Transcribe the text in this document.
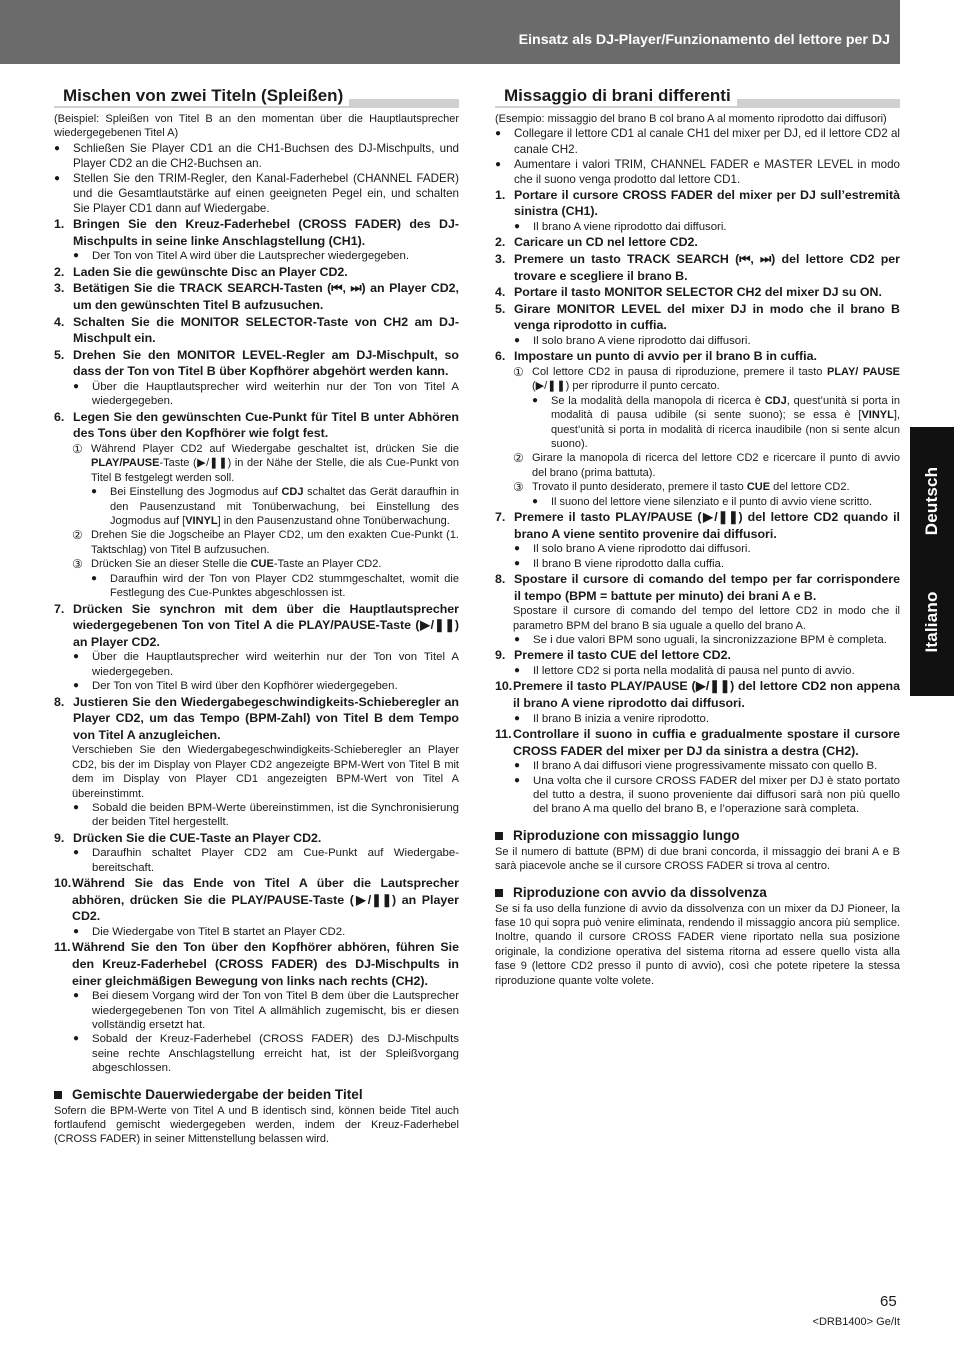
Einsatz als DJ-Player/Funzionamento del lettore per DJ
Deutsch
Italiano
Mischen von zwei Titeln (Spleißen)

(Beispiel: Spleißen von Titel B an den momentan über die Hauptlautsprecher wiedergegebenen Titel A)

● Schließen Sie Player CD1 an die CH1-Buchsen des DJ-Mischpults, und Player CD2 an die CH2-Buchsen an.
● Stellen Sie den TRIM-Regler, den Kanal-Faderhebel (CHANNEL FADER) und die Gesamtlautstärke auf einen geeigneten Pegel ein, und schalten Sie Player CD1 dann auf Wiedergabe.
1. Bringen Sie den Kreuz-Faderhebel (CROSS FADER) des DJ-Mischpults in seine linke Anschlagstellung (CH1).
● Der Ton von Titel A wird über die Lautsprecher wiedergegeben.
2. Laden Sie die gewünschte Disc an Player CD2.
3. Betätigen Sie die TRACK SEARCH-Tasten (⏮, ⏭) an Player CD2, um den gewünschten Titel B aufzusuchen.
4. Schalten Sie die MONITOR SELECTOR-Taste von CH2 am DJ-Mischpult ein.
5. Drehen Sie den MONITOR LEVEL-Regler am DJ-Mischpult, so dass der Ton von Titel B über Kopfhörer abgehört werden kann.
● Über die Hauptlautsprecher wird weiterhin nur der Ton von Titel A wiedergegeben.
6. Legen Sie den gewünschten Cue-Punkt für Titel B unter Abhören des Tons über den Kopfhörer wie folgt fest.
① Während Player CD2 auf Wiedergabe geschaltet ist, drücken Sie die PLAY/PAUSE-Taste (▶/❚❚) in der Nähe der Stelle, die als Cue-Punkt von Titel B festgelegt werden soll.
● Bei Einstellung des Jogmodus auf CDJ schaltet das Gerät daraufhin in den Pausenzustand mit Tonüberwachung, bei Einstellung des Jogmodus auf [VINYL] in den Pausenzustand ohne Tonüberwachung.
② Drehen Sie die Jogscheibe an Player CD2, um den exakten Cue-Punkt (1. Taktschlag) von Titel B aufzusuchen.
③ Drücken Sie an dieser Stelle die CUE-Taste an Player CD2.
● Daraufhin wird der Ton von Player CD2 stummgeschaltet, womit die Festlegung des Cue-Punktes abgeschlossen ist.
7. Drücken Sie synchron mit dem über die Hauptlautsprecher wiedergegebenen Ton von Titel A die PLAY/PAUSE-Taste (▶/❚❚) an Player CD2.
● Über die Hauptlautsprecher wird weiterhin nur der Ton von Titel A wiedergegeben.
● Der Ton von Titel B wird über den Kopfhörer wiedergegeben.
8. Justieren Sie den Wiedergabegeschwindigkeits-Schieberegler an Player CD2, um das Tempo (BPM-Zahl) von Titel B dem Tempo von Titel A anzugleichen.

Verschieben Sie den Wiedergabegeschwindigkeits-Schieberegler an Player CD2, bis der im Display von Player CD2 angezeigte BPM-Wert von Titel B mit dem im Display von Player CD1 angezeigten BPM-Wert von Titel A übereinstimmt.

● Sobald die beiden BPM-Werte übereinstimmen, ist die Synchronisierung der beiden Titel hergestellt.
9. Drücken Sie die CUE-Taste an Player CD2.
● Daraufhin schaltet Player CD2 am Cue-Punkt auf Wiedergabe-bereitschaft.
10. Während Sie das Ende von Titel A über die Lautsprecher abhören, drücken Sie die PLAY/PAUSE-Taste (▶/❚❚) an Player CD2.
● Die Wiedergabe von Titel B startet an Player CD2.
11. Während Sie den Ton über den Kopfhörer abhören, führen Sie den Kreuz-Faderhebel (CROSS FADER) des DJ-Mischpults in einer gleichmäßigen Bewegung von links nach rechts (CH2).
● Bei diesem Vorgang wird der Ton von Titel B dem über die Lautsprecher wiedergegebenen Ton von Titel A allmählich zugemischt, bis er diesen vollständig ersetzt hat.
● Sobald der Kreuz-Faderhebel (CROSS FADER) des DJ-Mischpults seine rechte Anschlagstellung erreicht hat, ist der Spleißvorgang abgeschlossen.
Gemischte Dauerwiedergabe der beiden Titel

Sofern die BPM-Werte von Titel A und B identisch sind, können beide Titel auch fortlaufend gemischt wiedergegeben werden, indem der Kreuz-Faderhebel (CROSS FADER) in seiner Mittenstellung belassen wird.

Missaggio di brani differenti

(Esempio: missaggio del brano B col brano A al momento riprodotto dai diffusori)

● Collegare il lettore CD1 al canale CH1 del mixer per DJ, ed il lettore CD2 al canale CH2.
● Aumentare i valori TRIM, CHANNEL FADER e MASTER LEVEL in modo che il suono venga prodotto dal lettore CD1.
1. Portare il cursore CROSS FADER del mixer per DJ sull’estremità sinistra (CH1).
● Il brano A viene riprodotto dai diffusori.
2. Caricare un CD nel lettore CD2.
3. Premere un tasto TRACK SEARCH (⏮, ⏭) del lettore CD2 per trovare e scegliere il brano B.
4. Portare il tasto MONITOR SELECTOR CH2 del mixer DJ su ON.
5. Girare MONITOR LEVEL del mixer DJ in modo che il brano B venga riprodotto in cuffia.
● Il solo brano A viene riprodotto dai diffusori.
6. Impostare un punto di avvio per il brano B in cuffia.
① Col lettore CD2 in pausa di riproduzione, premere il tasto PLAY/ PAUSE (▶/❚❚) per riprodurre il punto cercato.
● Se la modalità della manopola di ricerca è CDJ, quest’unità si porta in modalità di pausa udibile (si sente suono); se essa è [VINYL], quest’unità si porta in modalità di ricerca inaudibile (non si sente alcun suono).
② Girare la manopola di ricerca del lettore CD2 e ricercare il punto di avvio del brano (prima battuta).
③ Trovato il punto desiderato, premere il tasto CUE del lettore CD2.
● Il suono del lettore viene silenziato e il punto di avvio viene scritto.
7. Premere il tasto PLAY/PAUSE (▶/❚❚) del lettore CD2 quando il brano A viene sentito provenire dai diffusori.
● Il solo brano A viene riprodotto dai diffusori.
● Il brano B viene riprodotto dalla cuffia.
8. Spostare il cursore di comando del tempo per far corrispondere il tempo (BPM = battute per minuto) dei brani A e B.

Spostare il cursore di comando del tempo del lettore CD2 in modo che il parametro BPM del brano B sia uguale a quello del brano A.

● Se i due valori BPM sono uguali, la sincronizzazione BPM è completa.
9. Premere il tasto CUE del lettore CD2.
● Il lettore CD2 si porta nella modalità di pausa nel punto di avvio.
10. Premere il tasto PLAY/PAUSE (▶/❚❚) del lettore CD2 non appena il brano A viene riprodotto dai diffusori.
● Il brano B inizia a venire riprodotto.
11. Controllare il suono in cuffia e gradualmente spostare il cursore CROSS FADER del mixer per DJ da sinistra a destra (CH2).
● Il brano A dai diffusori viene progressivamente missato con quello B.
● Una volta che il cursore CROSS FADER del mixer per DJ è stato portato del tutto a destra, il suono proveniente dai diffusori sarà non più quello del brano A ma quello del brano B, e l’operazione sarà completa.
Riproduzione con missaggio lungo

Se il numero di battute (BPM) di due brani concorda, il missaggio dei brani A e B sarà piacevole anche se il cursore CROSS FADER si trova al centro.

Riproduzione con avvio da dissolvenza

Se si fa uso della funzione di avvio da dissolvenza con un mixer da DJ Pioneer, la fase 10 qui sopra può venire eliminata, rendendo il missaggio ancora più semplice. Inoltre, quando il cursore CROSS FADER viene riportato nella sua posizione originale, la condizione operativa del sistema ritorna ad essere quello vista alla fase 9 (lettore CD2 presso il punto di avvio), così che potete ripetere la stessa riproduzione quante volte volete.

65
<DRB1400> Ge/It
